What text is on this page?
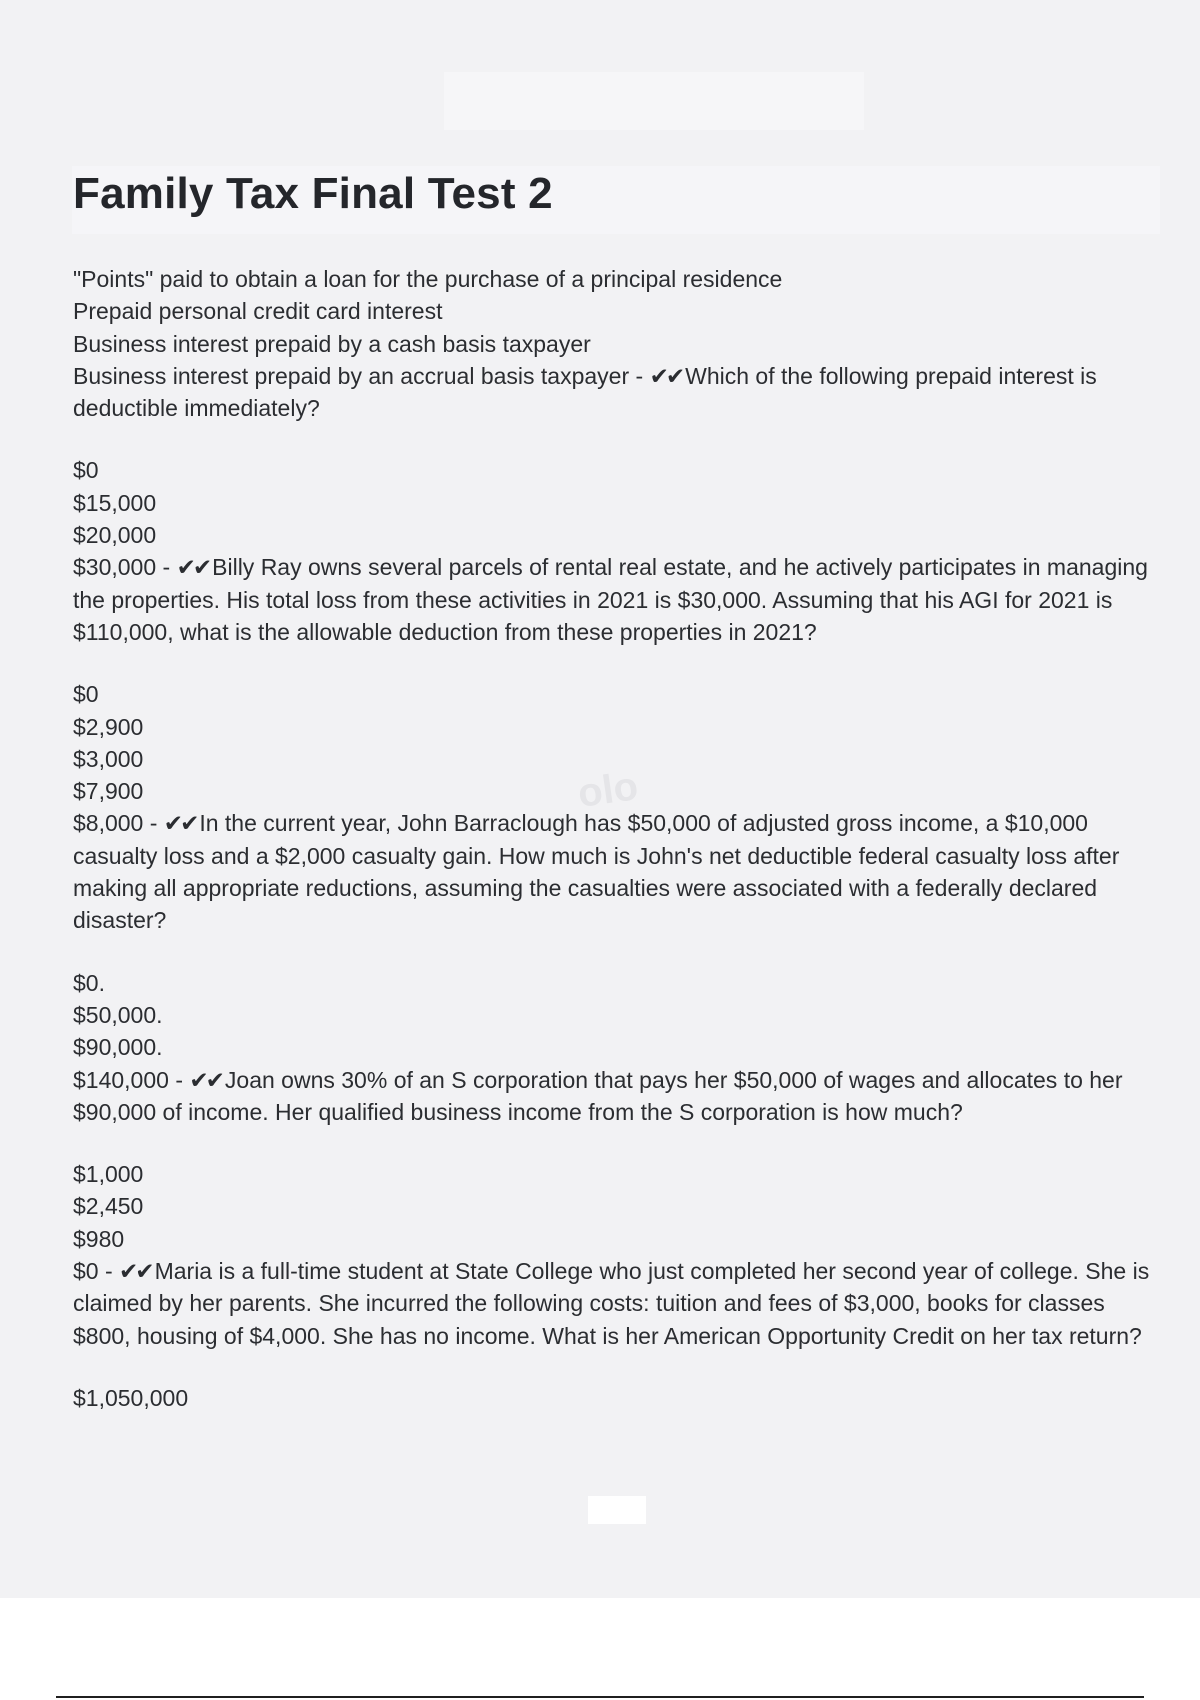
Family Tax Final Test 2
olo
"Points" paid to obtain a loan for the purchase of a principal residence
Prepaid personal credit card interest
Business interest prepaid by a cash basis taxpayer
Business interest prepaid by an accrual basis taxpayer - ✔✔ Which of the following prepaid interest is deductible immediately?
$0
$15,000
$20,000
$30,000 - ✔✔ Billy Ray owns several parcels of rental real estate, and he actively participates in managing the properties. His total loss from these activities in 2021 is $30,000. Assuming that his AGI for 2021 is $110,000, what is the allowable deduction from these properties in 2021?
$0
$2,900
$3,000
$7,900
$8,000 - ✔✔ In the current year, John Barraclough has $50,000 of adjusted gross income, a $10,000 casualty loss and a $2,000 casualty gain. How much is John's net deductible federal casualty loss after making all appropriate reductions, assuming the casualties were associated with a federally declared disaster?
$0.
$50,000.
$90,000.
$140,000 - ✔✔ Joan owns 30% of an S corporation that pays her $50,000 of wages and allocates to her $90,000 of income. Her qualified business income from the S corporation is how much?
$1,000
$2,450
$980
$0 - ✔✔ Maria is a full-time student at State College who just completed her second year of college. She is claimed by her parents. She incurred the following costs: tuition and fees of $3,000, books for classes $800, housing of $4,000. She has no income. What is her American Opportunity Credit on her tax return?
$1,050,000
